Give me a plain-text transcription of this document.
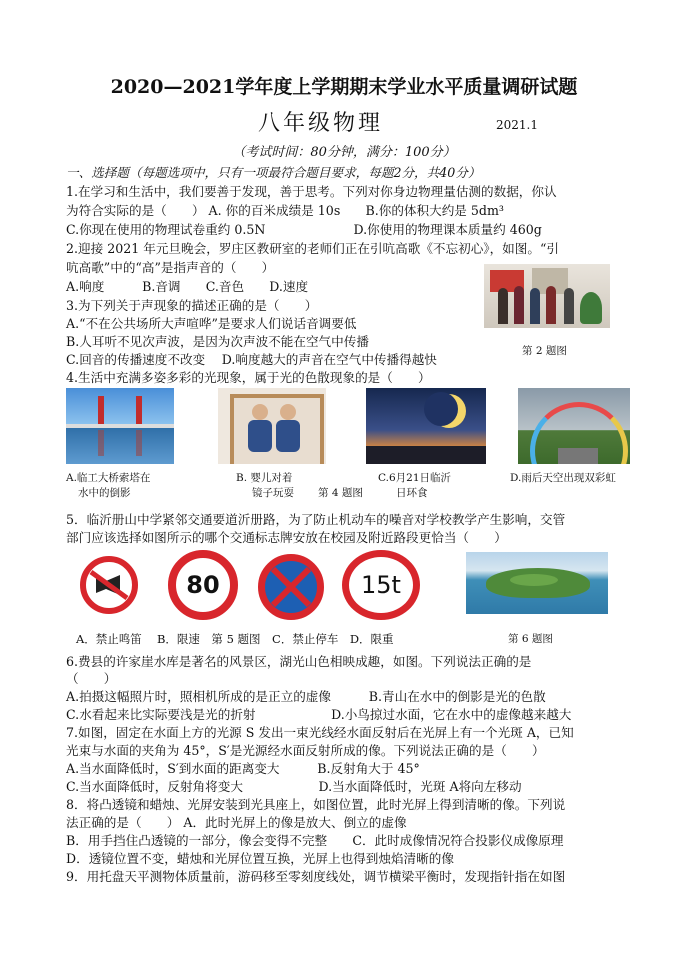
2020—2021学年度上学期期末学业水平质量调研试题
八年级物理	2021.1
（考试时间：80分钟，满分：100分）
一、选择题（每题选项中，只有一项最符合题目要求，每题2分，共40分）
1.在学习和生活中，我们要善于发现，善于思考。下列对你身边物理量估测的数据，你认
为符合实际的是（　　） A. 你的百米成绩是 10s　　B.你的体积大约是 5dm³
C.你现在使用的物理试卷重约 0.5N　　　　　　　D.你使用的物理课本质量约 460g
2.迎接 2021 年元旦晚会，罗庄区教研室的老师们正在引吭高歌《不忘初心》，如图。“引
吭高歌”中的“高”是指声音的（　　）
A.响度　　　B.音调　　C.音色　　D.速度
3.为下列关于声现象的描述正确的是（　　）
A.“不在公共场所大声喧哗”是要求人们说话音调要低
B.人耳听不见次声波，是因为次声波不能在空气中传播
C.回音的传播速度不改变　 D.响度越大的声音在空气中传播得越快
4.生活中充满多姿多彩的光现象，属于光的色散现象的是（　　）
第 2 题图
A.临工大桥索塔在
水中的倒影
B. 婴儿对着
镜子玩耍 第 4 题图
C.6月21日临沂
日环食
D.雨后天空出现双彩虹
5．临沂册山中学紧邻交通要道沂册路，为了防止机动车的噪音对学校教学产生影响，交管
部门应该选择如图所示的哪个交通标志牌安放在校园及附近路段更恰当（　　）
80	15t
A．禁止鸣笛　 B．限速　第 5 题图　C．禁止停车　D．限重	第 6 题图
6.费县的许家崖水库是著名的风景区，湖光山色相映成趣，如图。下列说法正确的是
（　　）
A.拍摄这幅照片时，照相机所成的是正立的虚像　　　B.青山在水中的倒影是光的色散
C.水看起来比实际要浅是光的折射　　　　　　D.小鸟掠过水面，它在水中的虚像越来越大
7.如图，固定在水面上方的光源 S 发出一束光线经水面反射后在光屏上有一个光斑 A，已知
光束与水面的夹角为 45°，S′是光源经水面反射所成的像。下列说法正确的是（　　）
A.当水面降低时，S′到水面的距离变大　　　B.反射角大于 45°
C.当水面降低时，反射角将变大　　　　　　D.当水面降低时，光斑 A将向左移动
8．将凸透镜和蜡烛、光屏安装到光具座上，如图位置，此时光屏上得到清晰的像。下列说
法正确的是（　　） A．此时光屏上的像是放大、倒立的虚像
B．用手挡住凸透镜的一部分，像会变得不完整　　C．此时成像情况符合投影仪成像原理
D．透镜位置不变，蜡烛和光屏位置互换，光屏上也得到烛焰清晰的像
9．用托盘天平测物体质量前，游码移至零刻度线处，调节横梁平衡时，发现指针指在如图
